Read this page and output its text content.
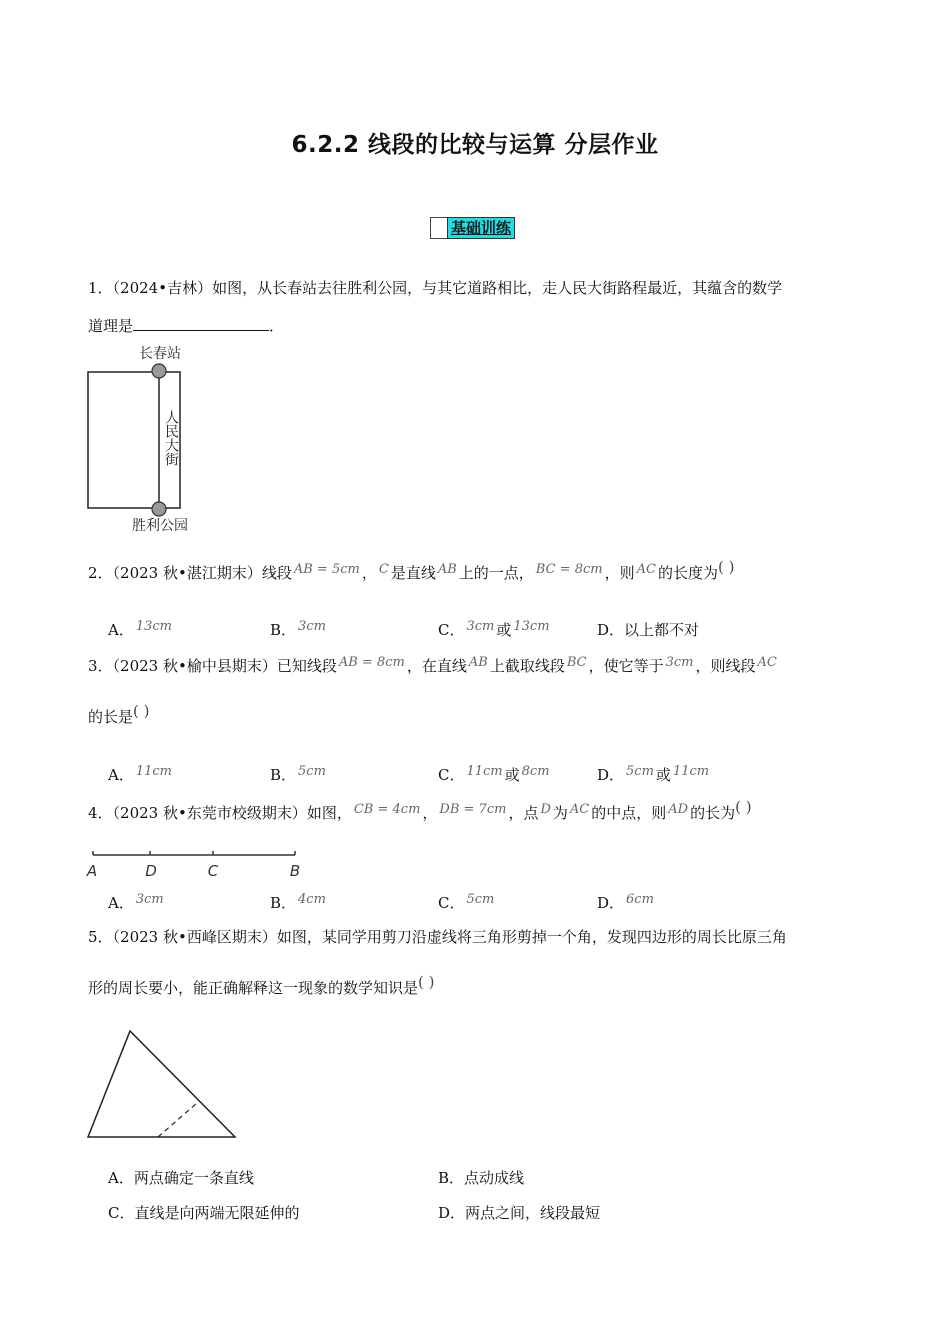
6.2.2 线段的比较与运算 分层作业
基础训练
1．（2024•吉林）如图，从长春站去往胜利公园，与其它道路相比，走人民大街路程最近，其蕴含的数学
道理是	．
长春站
胜利公园
人民大街
2．（2023 秋•湛江期末）线段 AB = 5cm ， C 是直线 AB 上的一点， BC = 8cm ，则 AC 的长度为( )
A． 13cm	B． 3cm	C． 3cm 或 13cm	D．以上都不对
3．（2023 秋•榆中县期末）已知线段 AB = 8cm ，在直线 AB 上截取线段 BC ，使它等于 3cm ，则线段 AC
的长是( )
A． 11cm	B． 5cm	C． 11cm 或 8cm	D． 5cm 或 11cm
4．（2023 秋•东莞市校级期末）如图， CB = 4cm ， DB = 7cm ，点 D 为 AC 的中点，则 AD 的长为( )
A	D	C	B
A． 3cm	B． 4cm	C． 5cm	D． 6cm
5．（2023 秋•西峰区期末）如图，某同学用剪刀沿虚线将三角形剪掉一个角，发现四边形的周长比原三角
形的周长要小，能正确解释这一现象的数学知识是( )
A．两点确定一条直线	B．点动成线
C．直线是向两端无限延伸的	D．两点之间，线段最短
